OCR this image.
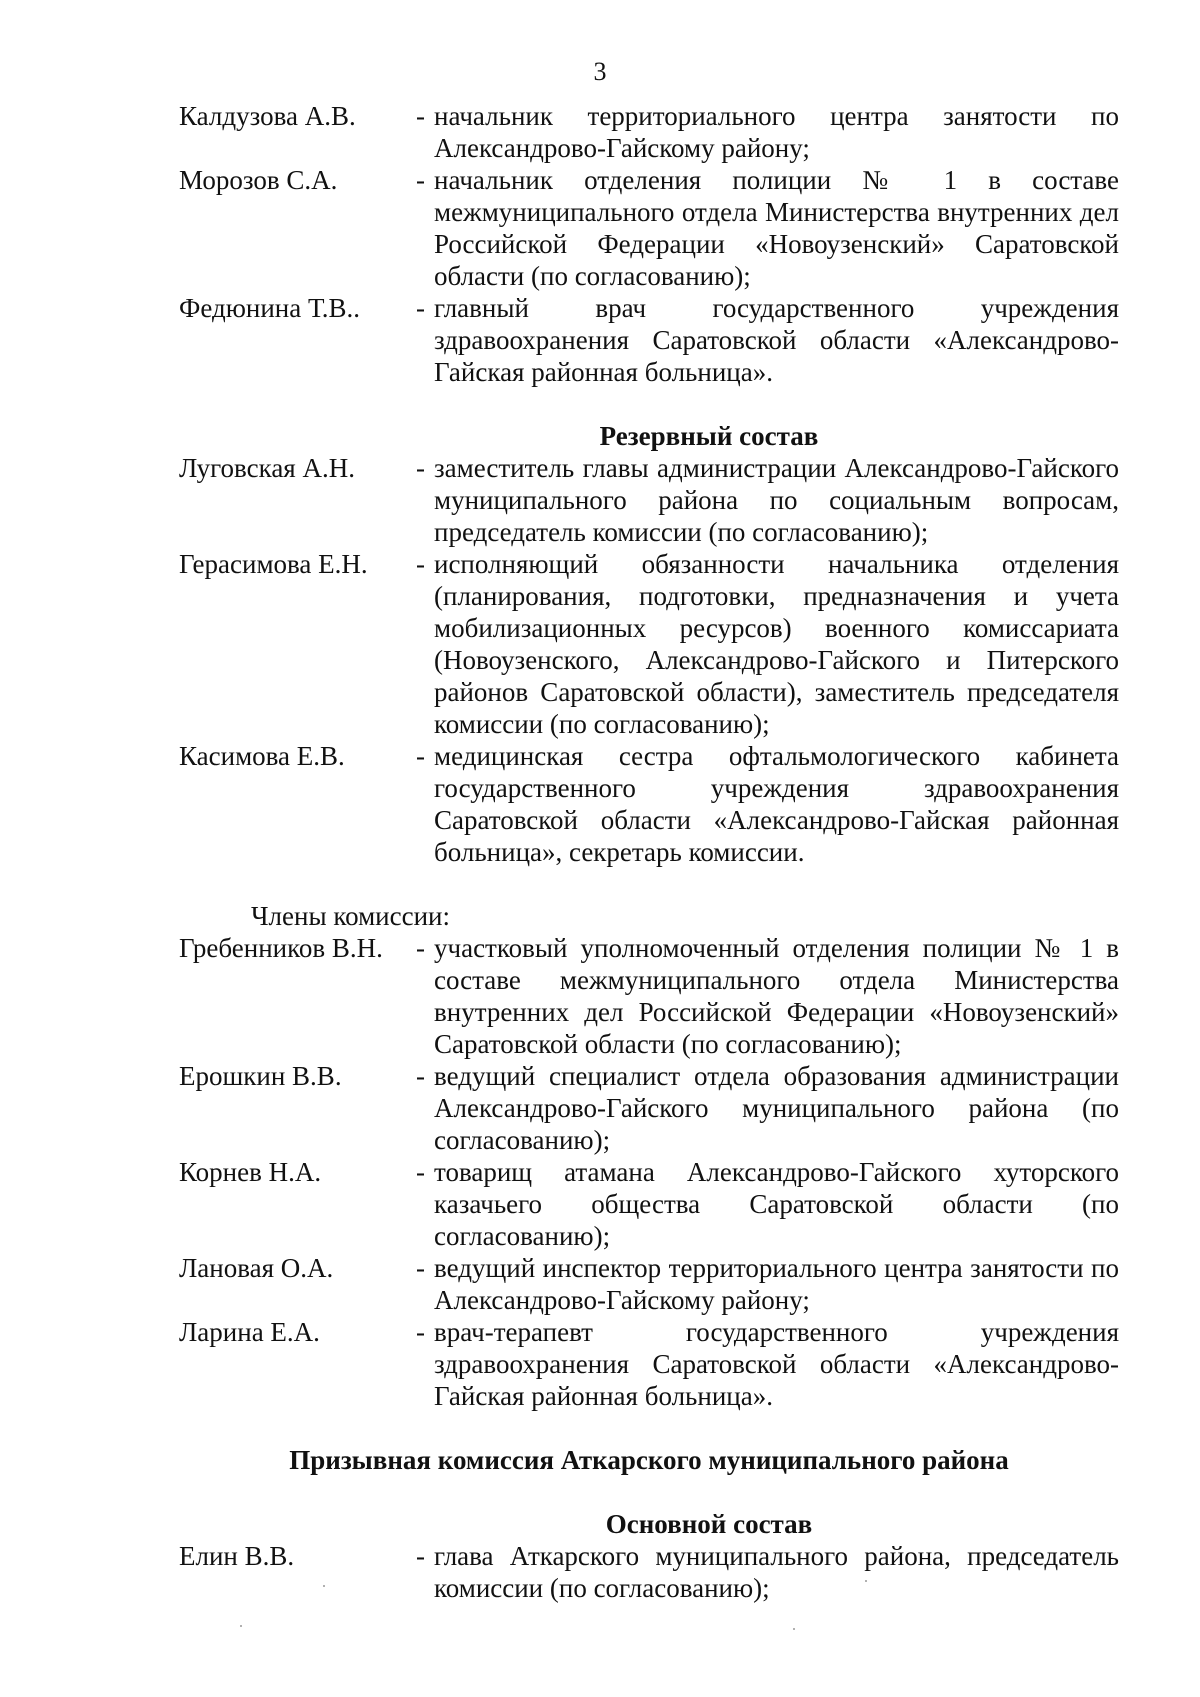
3
Калдузова А.В.	- начальник территориального центра занятости по Александрово-Гайскому району;
Морозов С.А.	- начальник отделения полиции № 1 в составе межмуниципального отдела Министерства внутренних дел Российской Федерации «Новоузенский» Саратовской области (по согласованию);
Федюнина Т.В..	- главный врач государственного учреждения здравоохранения Саратовской области «Александрово-Гайская районная больница».
Резервный состав
Луговская А.Н.	- заместитель главы администрации Александрово-Гайского муниципального района по социальным вопросам, председатель комиссии (по согласованию);
Герасимова Е.Н.	- исполняющий обязанности начальника отделения (планирования, подготовки, предназначения и учета мобилизационных ресурсов) военного комиссариата (Новоузенского, Александрово-Гайского и Питерского районов Саратовской области), заместитель председателя комиссии (по согласованию);
Касимова Е.В.	- медицинская сестра офтальмологического кабинета государственного учреждения здравоохранения Саратовской области «Александрово-Гайская районная больница», секретарь комиссии.
Члены комиссии:
Гребенников В.Н.	- участковый уполномоченный отделения полиции № 1 в составе межмуниципального отдела Министерства внутренних дел Российской Федерации «Новоузенский» Саратовской области (по согласованию);
Ерошкин В.В.	- ведущий специалист отдела образования администрации Александрово-Гайского муниципального района (по согласованию);
Корнев Н.А.	- товарищ атамана Александрово-Гайского хуторского казачьего общества Саратовской области (по согласованию);
Лановая О.А.	- ведущий инспектор территориального центра занятости по Александрово-Гайскому району;
Ларина Е.А.	- врач-терапевт государственного учреждения здравоохранения Саратовской области «Александрово-Гайская районная больница».
Призывная комиссия Аткарского муниципального района
Основной состав
Елин В.В.	- глава Аткарского муниципального района, председатель комиссии (по согласованию);
